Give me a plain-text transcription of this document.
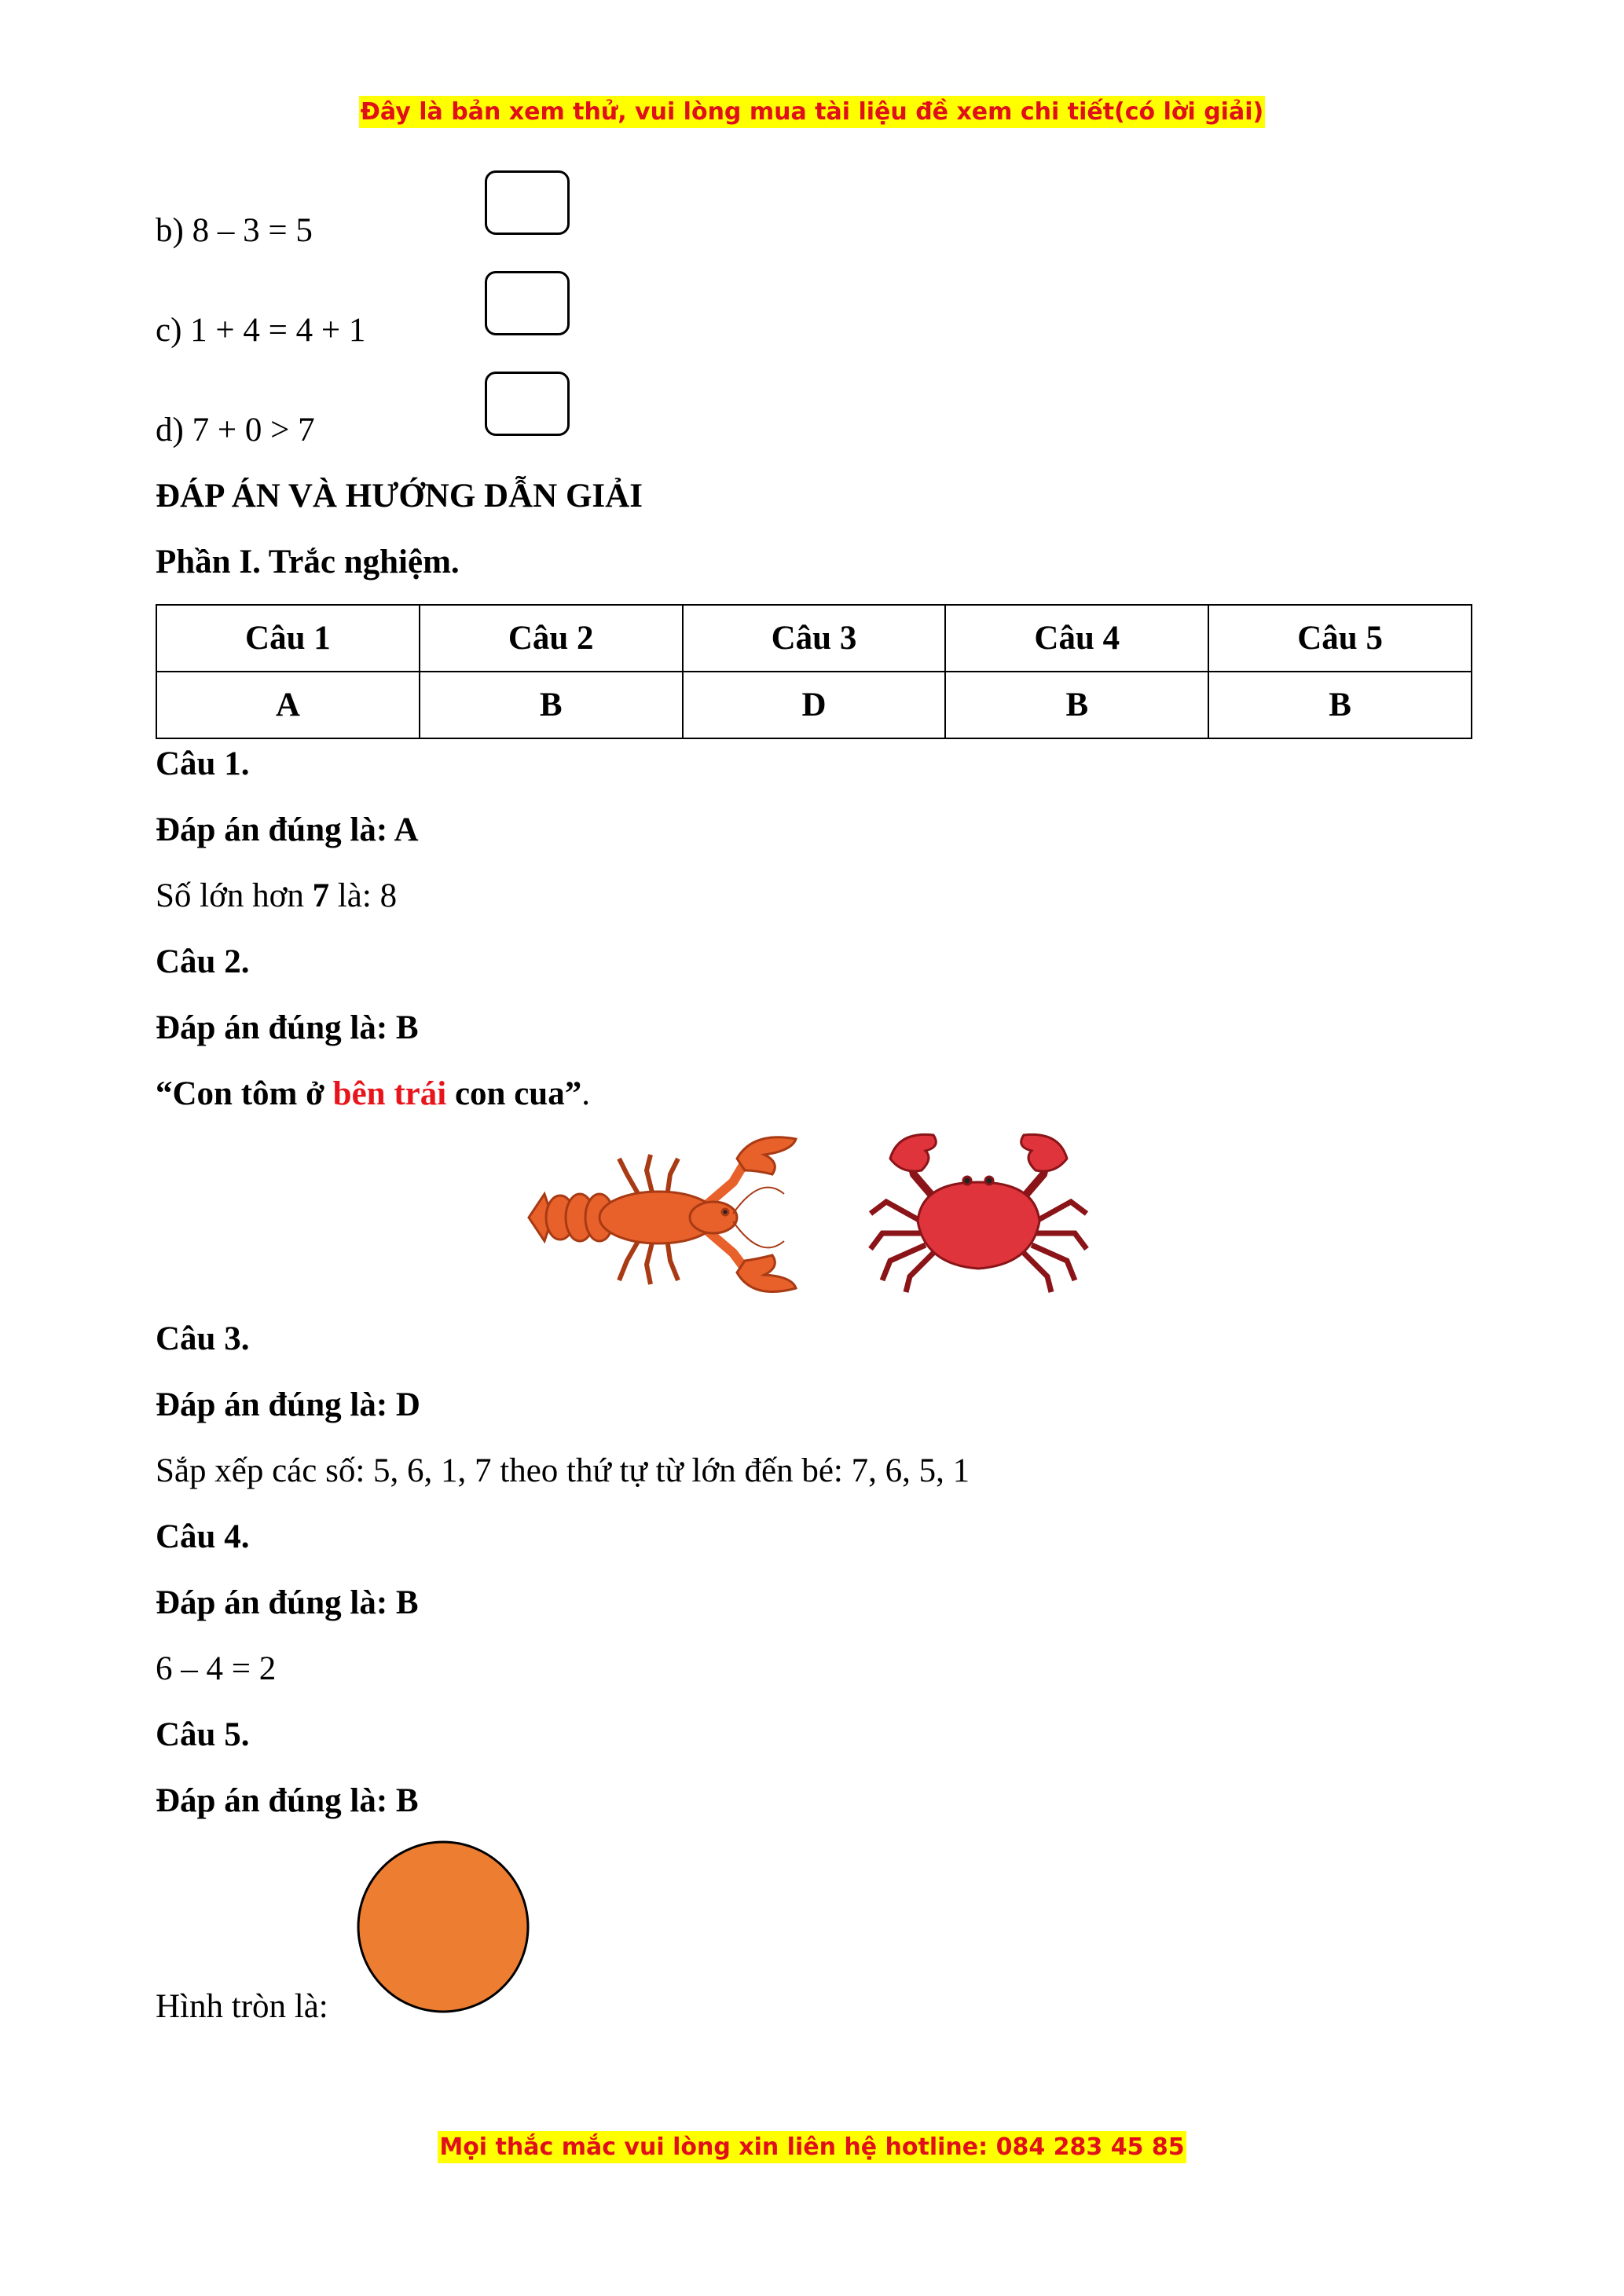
Đây là bản xem thử, vui lòng mua tài liệu đề xem chi tiết(có lời giải)
b) 8 – 3 = 5
c) 1 + 4 = 4 + 1
d) 7 + 0 > 7
ĐÁP ÁN VÀ HƯỚNG DẪN GIẢI
Phần I. Trắc nghiệm.
Câu 1	Câu 2	Câu 3	Câu 4	Câu 5
A	B	D	B	B
Câu 1.
Đáp án đúng là: A
Số lớn hơn 7 là: 8
Câu 2.
Đáp án đúng là: B
“Con tôm ở bên trái con cua”.
Câu 3.
Đáp án đúng là: D
Sắp xếp các số: 5, 6, 1, 7 theo thứ tự từ lớn đến bé: 7, 6, 5, 1
Câu 4.
Đáp án đúng là: B
6 – 4 = 2
Câu 5.
Đáp án đúng là: B
Hình tròn là:
Mọi thắc mắc vui lòng xin liên hệ hotline: 084 283 45 85
